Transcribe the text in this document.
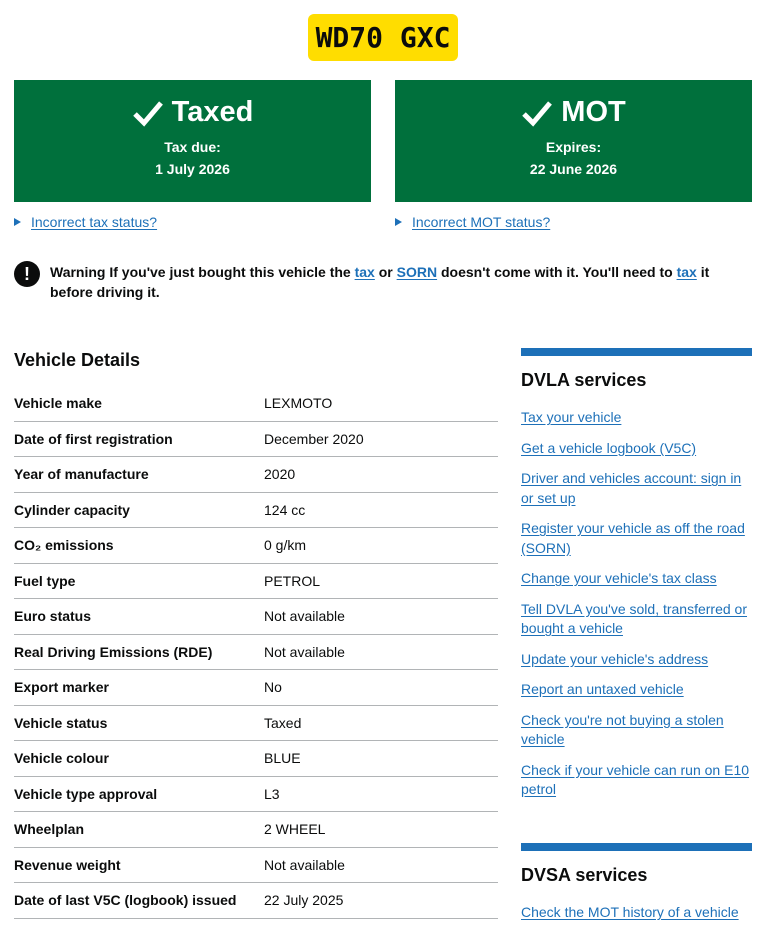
WD70 GXC
Taxed
Tax due:
1 July 2026
MOT
Expires:
22 June 2026
Incorrect tax status?	Incorrect MOT status?
!	Warning If you've just bought this vehicle the tax or SORN doesn't come with it. You'll need to tax it before driving it.
Vehicle Details
Vehicle make	LEXMOTO
Date of first registration	December 2020
Year of manufacture	2020
Cylinder capacity	124 cc
CO₂ emissions	0 g/km
Fuel type	PETROL
Euro status	Not available
Real Driving Emissions (RDE)	Not available
Export marker	No
Vehicle status	Taxed
Vehicle colour	BLUE
Vehicle type approval	L3
Wheelplan	2 WHEEL
Revenue weight	Not available
Date of last V5C (logbook) issued	22 July 2025
DVLA services
Tax your vehicle
Get a vehicle logbook (V5C)
Driver and vehicles account: sign in or set up
Register your vehicle as off the road (SORN)
Change your vehicle's tax class
Tell DVLA you've sold, transferred or bought a vehicle
Update your vehicle's address
Report an untaxed vehicle
Check you're not buying a stolen vehicle
Check if your vehicle can run on E10 petrol
DVSA services
Check the MOT history of a vehicle
